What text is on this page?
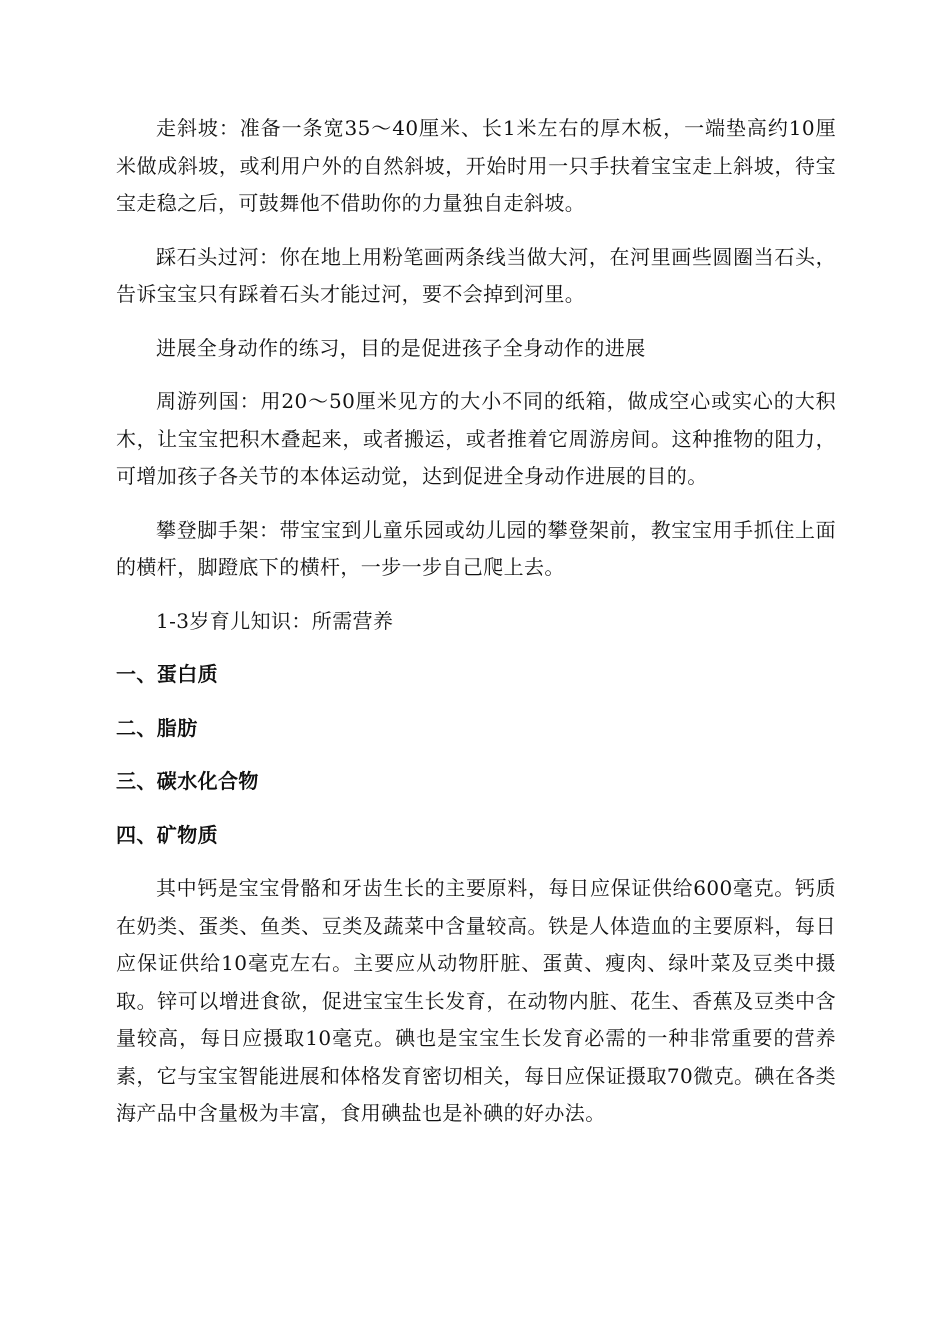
走斜坡：准备一条宽35～40厘米、长1米左右的厚木板，一端垫高约10厘米做成斜坡，或利用户外的自然斜坡，开始时用一只手扶着宝宝走上斜坡，待宝宝走稳之后，可鼓舞他不借助你的力量独自走斜坡。

踩石头过河：你在地上用粉笔画两条线当做大河，在河里画些圆圈当石头，告诉宝宝只有踩着石头才能过河，要不会掉到河里。

进展全身动作的练习，目的是促进孩子全身动作的进展

周游列国：用20～50厘米见方的大小不同的纸箱，做成空心或实心的大积木，让宝宝把积木叠起来，或者搬运，或者推着它周游房间。这种推物的阻力，可增加孩子各关节的本体运动觉，达到促进全身动作进展的目的。

攀登脚手架：带宝宝到儿童乐园或幼儿园的攀登架前，教宝宝用手抓住上面的横杆，脚蹬底下的横杆，一步一步自己爬上去。

1-3岁育儿知识：所需营养

一、蛋白质
二、脂肪
三、碳水化合物
四、矿物质

其中钙是宝宝骨骼和牙齿生长的主要原料，每日应保证供给600毫克。钙质在奶类、蛋类、鱼类、豆类及蔬菜中含量较高。铁是人体造血的主要原料，每日应保证供给10毫克左右。主要应从动物肝脏、蛋黄、瘦肉、绿叶菜及豆类中摄取。锌可以增进食欲，促进宝宝生长发育，在动物内脏、花生、香蕉及豆类中含量较高，每日应摄取10毫克。碘也是宝宝生长发育必需的一种非常重要的营养素，它与宝宝智能进展和体格发育密切相关，每日应保证摄取70微克。碘在各类海产品中含量极为丰富，食用碘盐也是补碘的好办法。
